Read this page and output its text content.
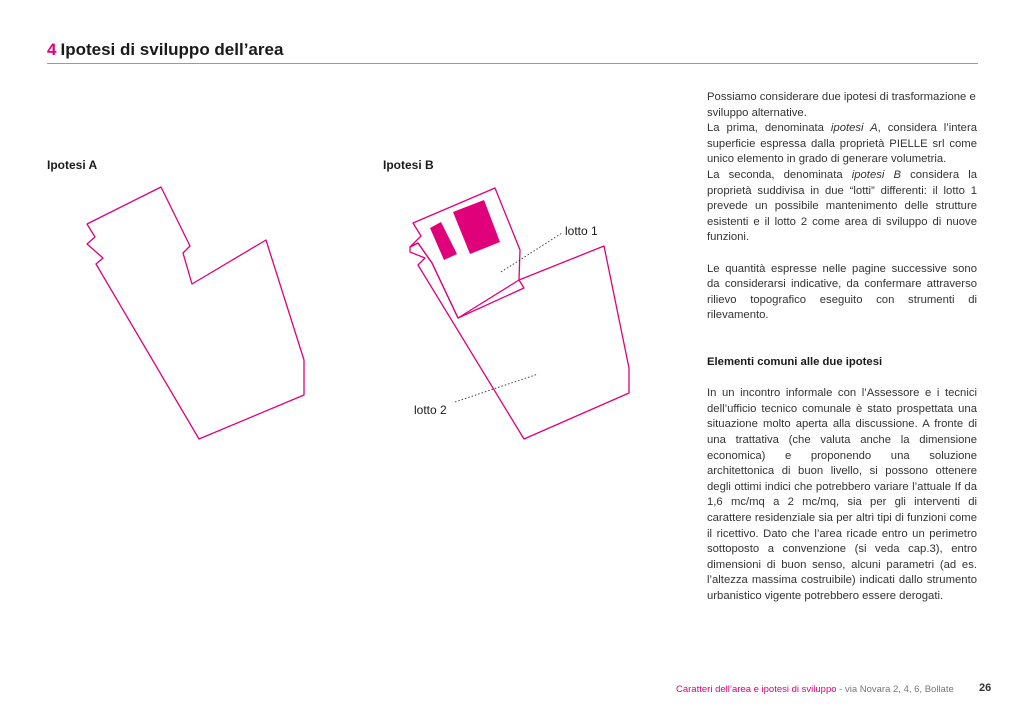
4 Ipotesi di sviluppo dell’area
Ipotesi A	Ipotesi B
lotto 1
lotto 2

Possiamo considerare due ipotesi di trasformazione e sviluppo alternative.

La prima, denominata ipotesi A, considera l’intera superficie espressa dalla proprietà PIELLE srl come unico elemento in grado di generare volumetria.

La seconda, denominata ipotesi B considera la proprietà suddivisa in due “lotti” differenti: il lotto 1 prevede un possibile mantenimento delle strutture esistenti e il lotto 2 come area di sviluppo di nuove funzioni.

Le quantità espresse nelle pagine successive sono da considerarsi indicative, da confermare attraverso rilievo topografico eseguito con strumenti di rilevamento.

Elementi comuni alle due ipotesi

In un incontro informale con l’Assessore e i tecnici dell’ufficio tecnico comunale è stato prospettata una situazione molto aperta alla discussione. A fronte di una trattativa (che valuta anche la dimensione economica) e proponendo una soluzione architettonica di buon livello, si possono ottenere degli ottimi indici che potrebbero variare l’attuale If da 1,6 mc/mq a 2 mc/mq, sia per gli interventi di carattere residenziale sia per altri tipi di funzioni come il ricettivo. Dato che l’area ricade entro un perimetro sottoposto a convenzione (si veda cap.3), entro dimensioni di buon senso, alcuni parametri (ad es. l’altezza massima costruibile) indicati dallo strumento urbanistico vigente potrebbero essere derogati.

Caratteri dell’area e ipotesi di sviluppo - via Novara 2, 4, 6, Bollate 26
